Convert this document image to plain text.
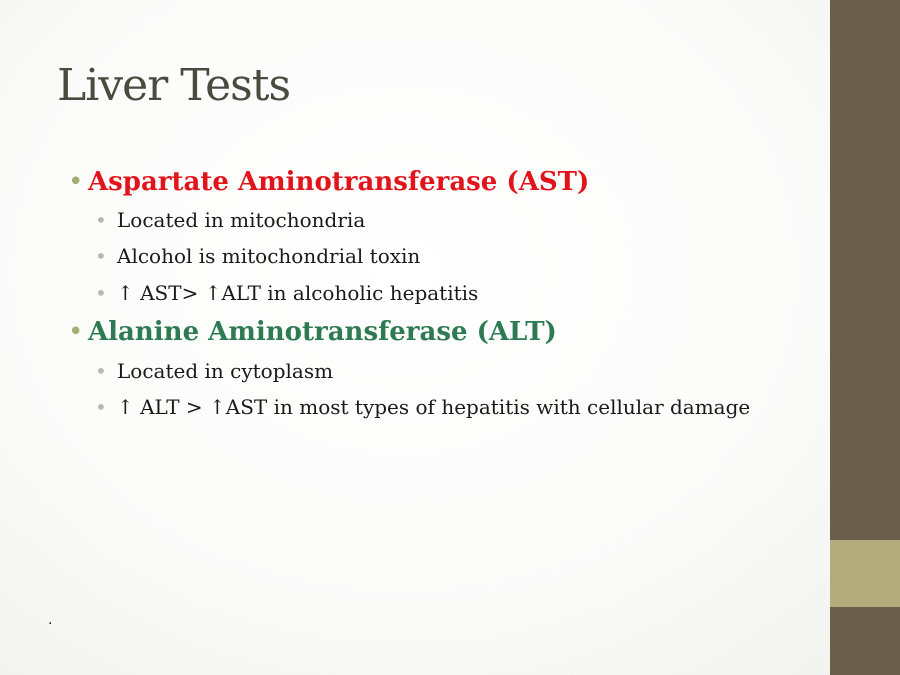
Liver Tests
• Aspartate Aminotransferase (AST)
• Located in mitochondria
• Alcohol is mitochondrial toxin
• ↑ AST> ↑ALT in alcoholic hepatitis
• Alanine Aminotransferase (ALT)
• Located in cytoplasm
• ↑ ALT > ↑AST in most types of hepatitis with cellular damage
.
